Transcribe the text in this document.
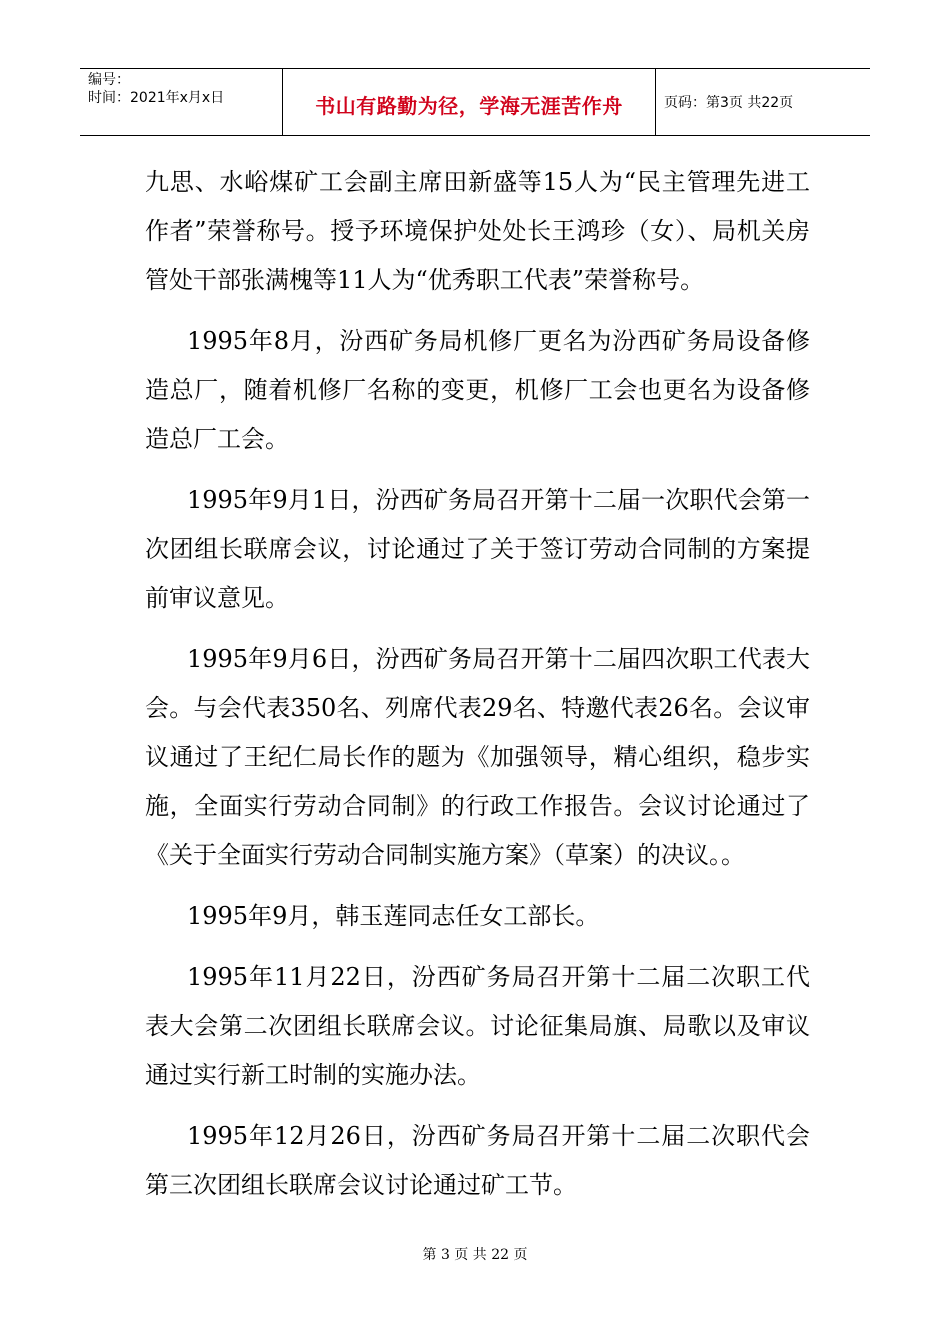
编号：
时间：2021年x月x日	书山有路勤为径，学海无涯苦作舟	页码：第3页 共22页

九思、水峪煤矿工会副主席田新盛等15人为“民主管理先进工作者”荣誉称号。授予环境保护处处长王鸿珍（女）、局机关房管处干部张满槐等11人为“优秀职工代表”荣誉称号。

1995年8月，汾西矿务局机修厂更名为汾西矿务局设备修造总厂，随着机修厂名称的变更，机修厂工会也更名为设备修造总厂工会。

1995年9月1日，汾西矿务局召开第十二届一次职代会第一次团组长联席会议，讨论通过了关于签订劳动合同制的方案提前审议意见。

1995年9月6日，汾西矿务局召开第十二届四次职工代表大会。与会代表350名、列席代表29名、特邀代表26名。会议审议通过了王纪仁局长作的题为《加强领导，精心组织，稳步实施，全面实行劳动合同制》的行政工作报告。会议讨论通过了《关于全面实行劳动合同制实施方案》（草案）的决议。。

1995年9月，韩玉莲同志任女工部长。

1995年11月22日，汾西矿务局召开第十二届二次职工代表大会第二次团组长联席会议。讨论征集局旗、局歌以及审议通过实行新工时制的实施办法。

1995年12月26日，汾西矿务局召开第十二届二次职代会第三次团组长联席会议讨论通过矿工节。

第 3 页 共 22 页
